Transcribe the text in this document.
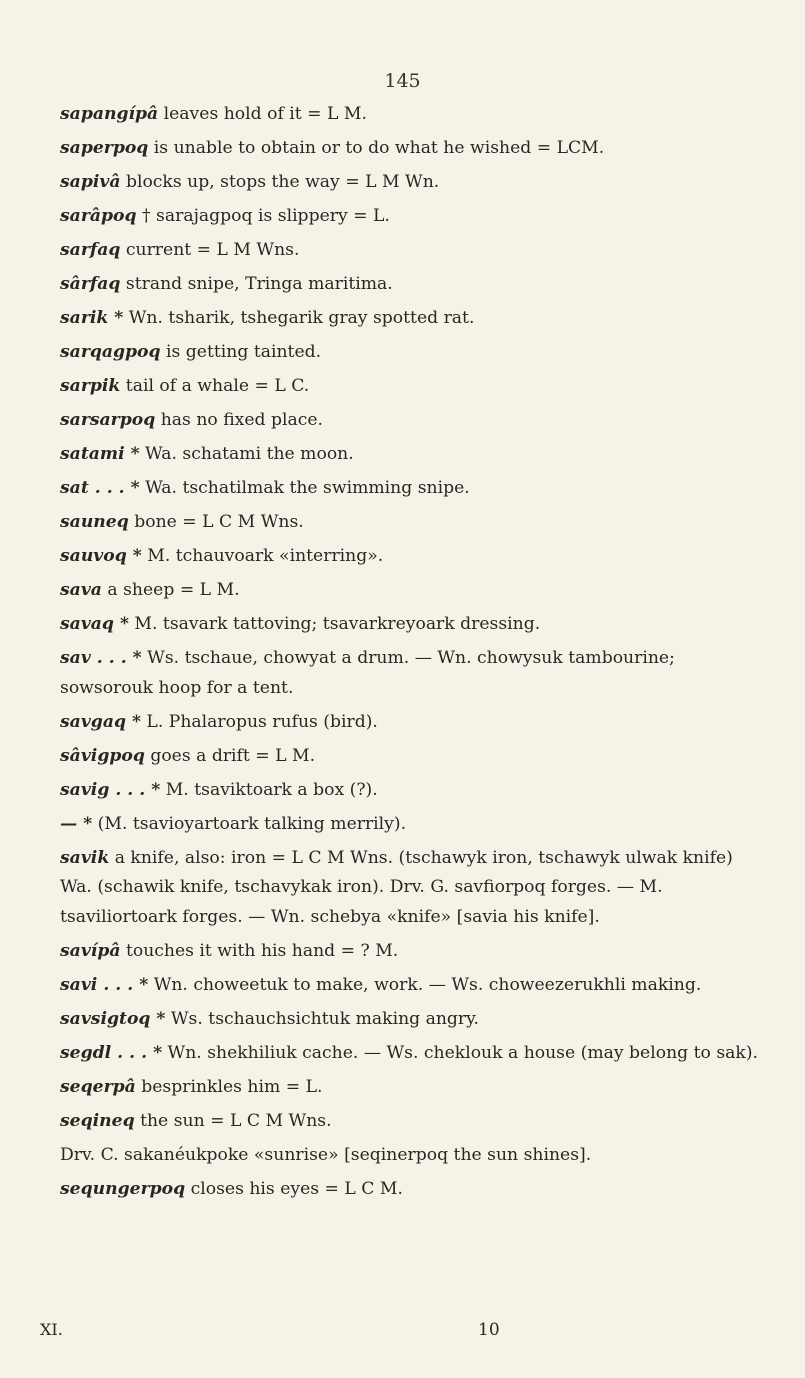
145
sapangípâ leaves hold of it = L M.
saperpoq is unable to obtain or to do what he wished = LCM.
sapivâ blocks up, stops the way = L M Wn.
sarâpoq † sarajagpoq is slippery = L.
sarfaq current = L M Wns.
sârfaq strand snipe, Tringa maritima.
sarik * Wn. tsharik, tshegarik gray spotted rat.
sarqagpoq is getting tainted.
sarpik tail of a whale = L C.
sarsarpoq has no fixed place.
satami * Wa. schatami the moon.
sat . . . * Wa. tschatilmak the swimming snipe.
sauneq bone = L C M Wns.
sauvoq * M. tchauvoark «interring».
sava a sheep = L M.
savaq * M. tsavark tattoving; tsavarkreyoark dressing.
sav . . . * Ws. tschaue, chowyat a drum. — Wn. chowysuk tambourine; sowsorouk hoop for a tent.
savgaq * L. Phalaropus rufus (bird).
sâvigpoq goes a drift = L M.
savig . . . * M. tsaviktoark a box (?).
— * (M. tsavioyartoark talking merrily).
savik a knife, also: iron = L C M Wns. (tschawyk iron, tschawyk ulwak knife) Wa. (schawik knife, tschavykak iron). Drv. G. savfiorpoq forges. — M. tsaviliortoark forges. — Wn. schebya «knife» [savia his knife].
savípâ touches it with his hand = ? M.
savi . . . * Wn. choweetuk to make, work. — Ws. choweezerukhli making.
savsigtoq * Ws. tschauchsichtuk making angry.
segdl . . . * Wn. shekhiliuk cache. — Ws. cheklouk a house (may belong to sak).
seqerpâ besprinkles him = L.
seqineq the sun = L C M Wns.
Drv. C. sakanéukpoke «sunrise» [seqinerpoq the sun shines].
sequngerpoq closes his eyes = L C M.
XI.	10
